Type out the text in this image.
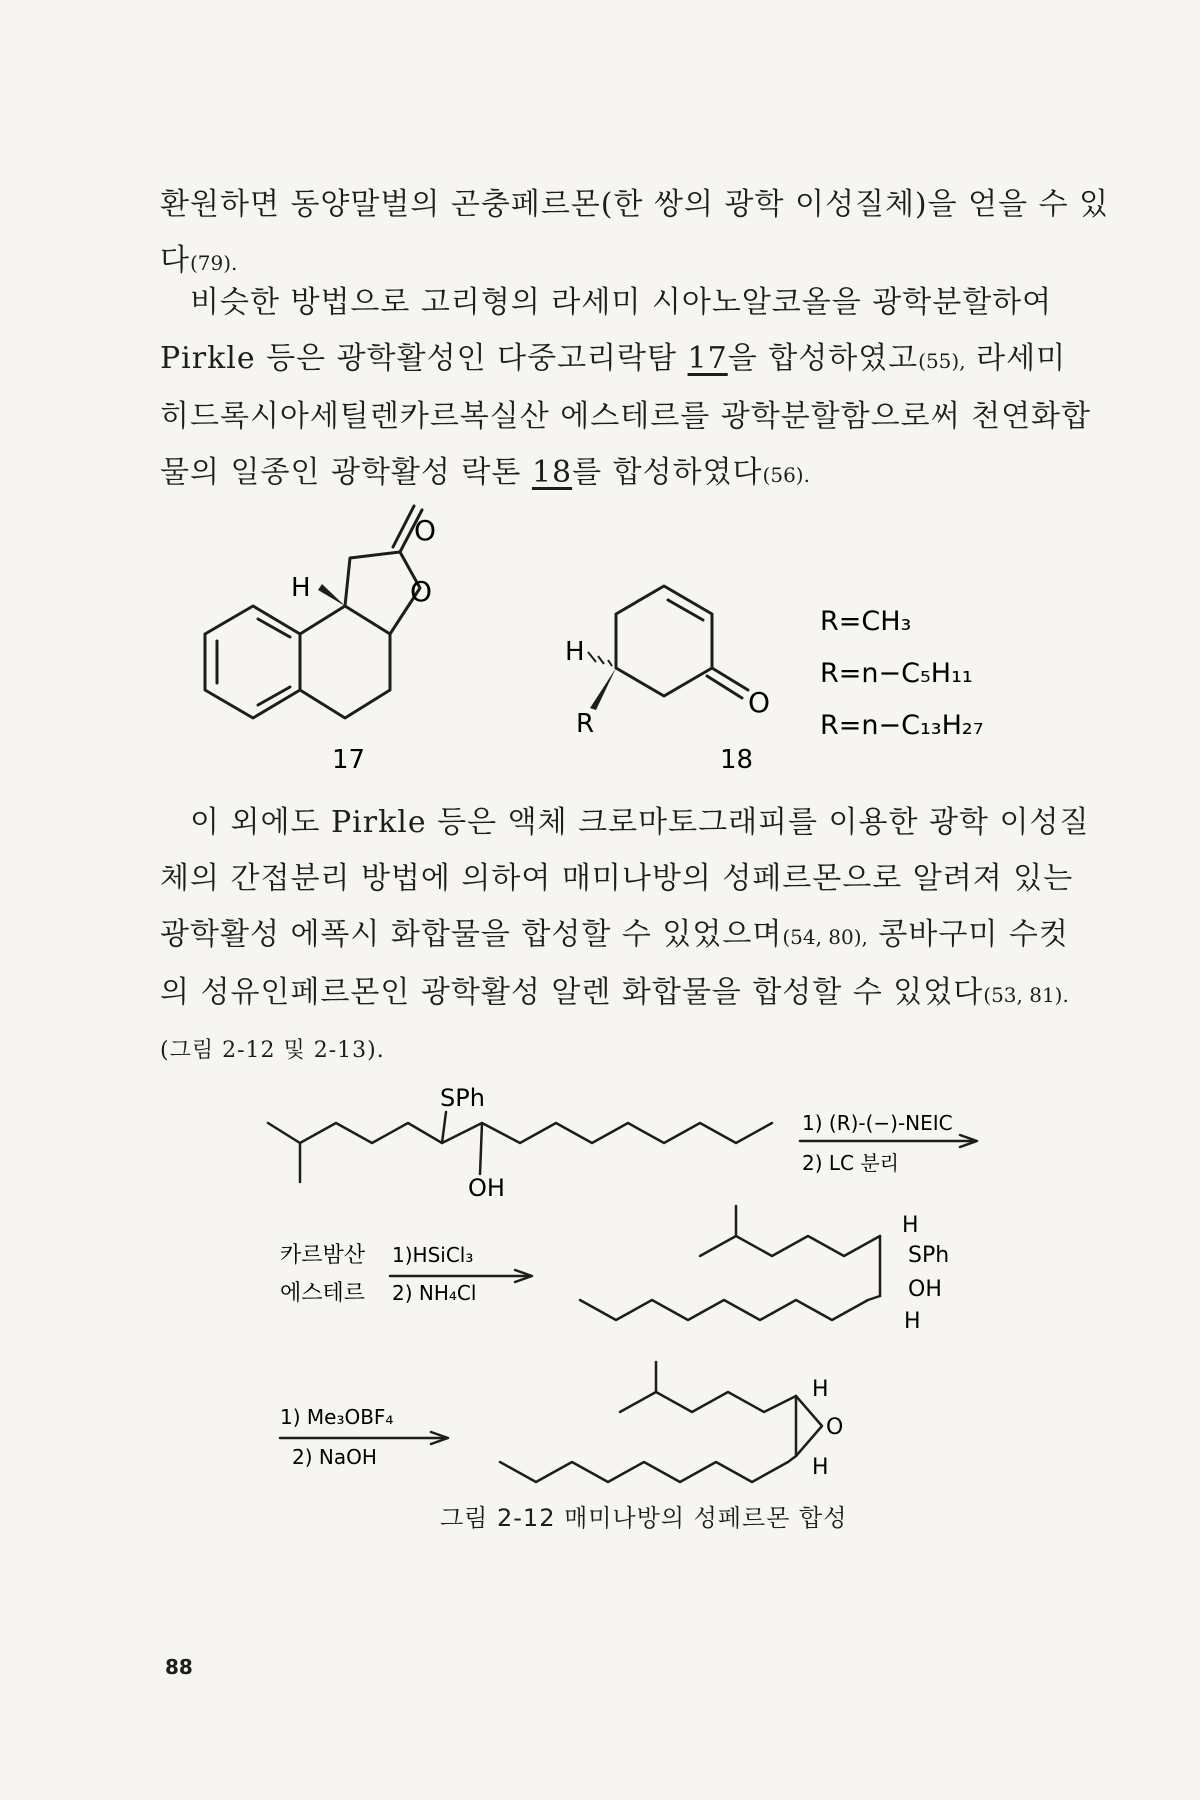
환원하면 동양말벌의 곤충페르몬(한 쌍의 광학 이성질체)을 얻을 수 있
다(79).

비슷한 방법으로 고리형의 라세미 시아노알코올을 광학분할하여
Pirkle 등은 광학활성인 다중고리락탐 17을 합성하였고(55), 라세미
히드록시아세틸렌카르복실산 에스테르를 광학분할함으로써 천연화합
물의 일종인 광학활성 락톤 18를 합성하였다(56).

H
O
O
17
H
R
O
18
R=CH₃
R=n−C₅H₁₁
R=n−C₁₃H₂₇

이 외에도 Pirkle 등은 액체 크로마토그래피를 이용한 광학 이성질
체의 간접분리 방법에 의하여 매미나방의 성페르몬으로 알려져 있는
광학활성 에폭시 화합물을 합성할 수 있었으며(54, 80), 콩바구미 수컷
의 성유인페르몬인 광학활성 알렌 화합물을 합성할 수 있었다(53, 81).
(그림 2-12 및 2-13).

SPh
OH
1) (R)-(−)-NEIC
2) LC 분리
카르밤산
에스테르
1)HSiCl₃
2) NH₄Cl
H
SPh
OH
H
1) Me₃OBF₄
2) NaOH
H
O
H
그림 2-12 매미나방의 성페르몬 합성
88
